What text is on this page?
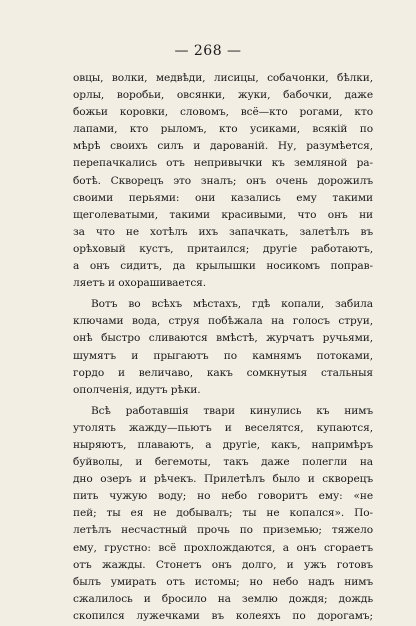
— 268 —
овцы, волки, медвѣди, лисицы, собачонки, бѣлки,
орлы, воробьи, овсянки, жуки, бабочки, даже
божьи коровки, словомъ, всё—кто рогами, кто
лапами, кто рыломъ, кто усиками, всякій по
мѣрѣ своихъ силъ и дарованій. Ну, разумѣется,
перепачкались отъ непривычки къ земляной ра-
ботѣ. Скворецъ это зналъ; онъ очень дорожилъ
своими перьями: они казались ему такими
щеголеватыми, такими красивыми, что онъ ни
за что не хотѣлъ ихъ запачкать, залетѣлъ въ
орѣховый кустъ, притаился; другіе работаютъ,
а онъ сидитъ, да крылышки носикомъ поправ-
ляетъ и охорашивается.
Вотъ во всѣхъ мѣстахъ, гдѣ копали, забила
ключами вода, струя побѣжала на голосъ струи,
онѣ быстро сливаются вмѣстѣ, журчатъ ручьями,
шумятъ и прыгаютъ по камнямъ потоками,
гордо и величаво, какъ сомкнутыя стальныя
ополченія, идутъ рѣки.
Всѣ работавшія твари кинулись къ нимъ
утолять жажду—пьютъ и веселятся, купаются,
ныряютъ, плаваютъ, а другіе, какъ, напримѣръ
буйволы, и бегемоты, такъ даже полегли на
дно озеръ и рѣчекъ. Прилетѣлъ было и скворецъ
пить чужую воду; но небо говоритъ ему: «не
пей; ты ея не добывалъ; ты не копался». По-
летѣлъ несчастный прочь по приземью; тяжело
ему, грустно: всё прохлождаются, а онъ сгораетъ
отъ жажды. Стонетъ онъ долго, и ужъ готовъ
былъ умирать отъ истомы; но небо надъ нимъ
сжалилось и бросило на землю дождя; дождь
скопился лужечками въ колеяхъ по дорогамъ;
